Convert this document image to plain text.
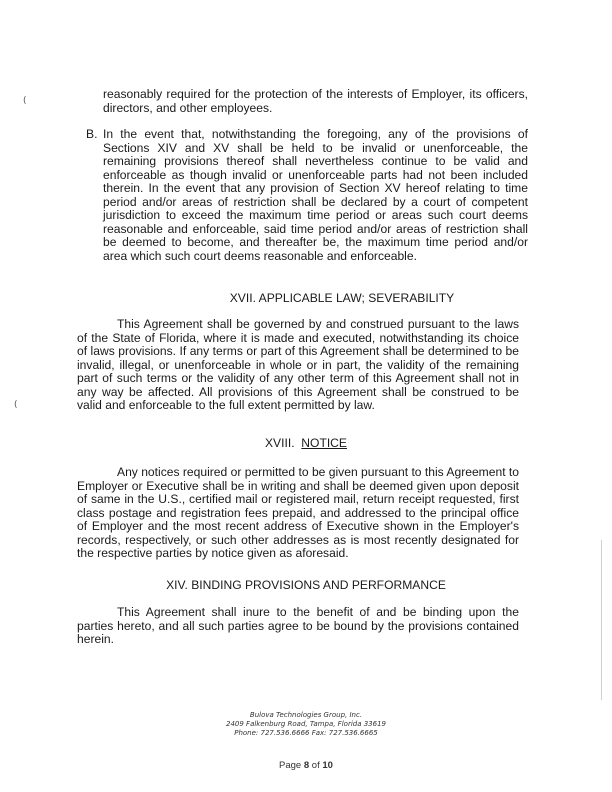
(
(

reasonably required for the protection of the interests of Employer, its officers, directors, and other employees.

B. In the event that, notwithstanding the foregoing, any of the provisions of Sections XIV and XV shall be held to be invalid or unenforceable, the remaining provisions thereof shall nevertheless continue to be valid and enforceable as though invalid or unenforceable parts had not been included therein. In the event that any provision of Section XV hereof relating to time period and/or areas of restriction shall be declared by a court of competent jurisdiction to exceed the maximum time period or areas such court deems reasonable and enforceable, said time period and/or areas of restriction shall be deemed to become, and thereafter be, the maximum time period and/or area which such court deems reasonable and enforceable.

XVII. APPLICABLE LAW; SEVERABILITY

This Agreement shall be governed by and construed pursuant to the laws of the State of Florida, where it is made and executed, notwithstanding its choice of laws provisions. If any terms or part of this Agreement shall be determined to be invalid, illegal, or unenforceable in whole or in part, the validity of the remaining part of such terms or the validity of any other term of this Agreement shall not in any way be affected. All provisions of this Agreement shall be construed to be valid and enforceable to the full extent permitted by law.

XVIII. NOTICE

Any notices required or permitted to be given pursuant to this Agreement to Employer or Executive shall be in writing and shall be deemed given upon deposit of same in the U.S., certified mail or registered mail, return receipt requested, first class postage and registration fees prepaid, and addressed to the principal office of Employer and the most recent address of Executive shown in the Employer's records, respectively, or such other addresses as is most recently designated for the respective parties by notice given as aforesaid.

XIV. BINDING PROVISIONS AND PERFORMANCE

This Agreement shall inure to the benefit of and be binding upon the parties hereto, and all such parties agree to be bound by the provisions contained herein.

Bulova Technologies Group, Inc.

2409 Falkenburg Road, Tampa, Florida 33619

Phone: 727.536.6666 Fax: 727.536.6665

Page 8 of 10
